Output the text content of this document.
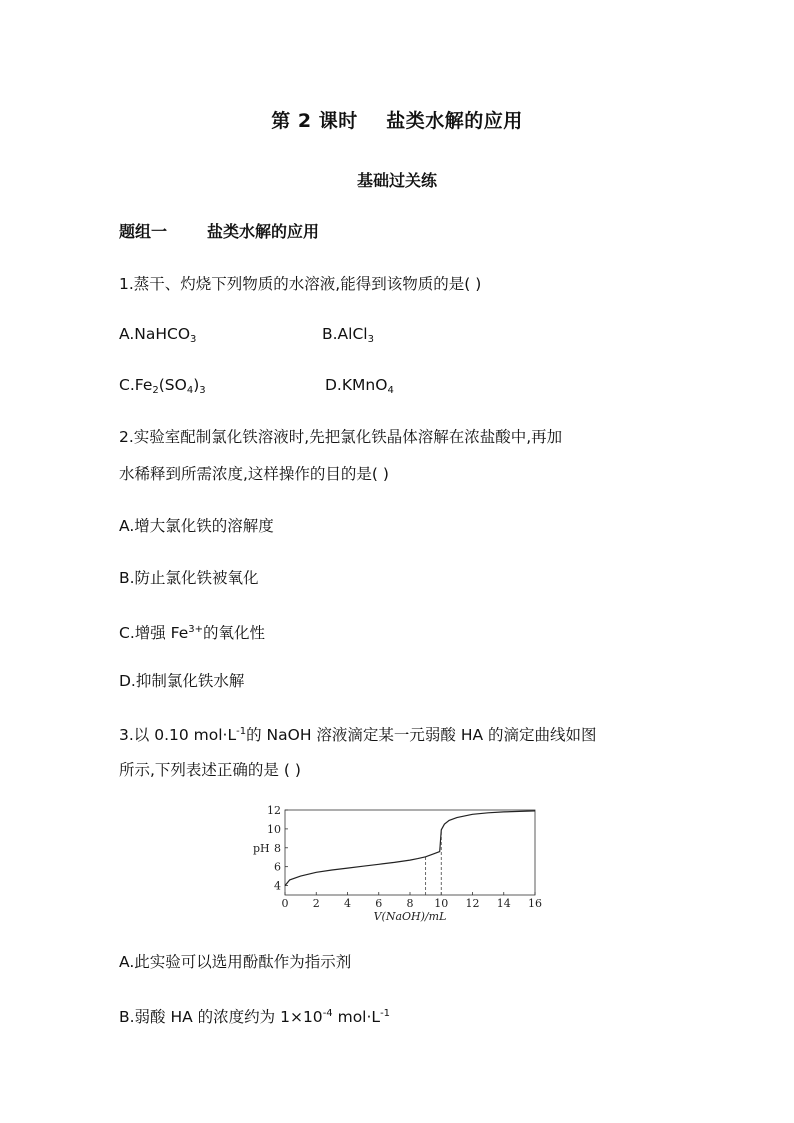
第 2 课时    盐类水解的应用
基础过关练
题组一	盐类水解的应用
1.蒸干、灼烧下列物质的水溶液,能得到该物质的是( )
A.NaHCO$_3$	B.AlCl$_3$
$C.Fe_2(SO_4)_3$	D.KMnO$_4$
2.实验室配制氯化铁溶液时,先把氯化铁晶体溶解在浓盐酸中,再加
水稀释到所需浓度,这样操作的目的是( )
A.增大氯化铁的溶解度
B.防止氯化铁被氧化
C.增强 $Fe^{3+}$的氧化性
D.抑制氯化铁水解
3.以 0.10 $mol\cdot L^{-1}$的 NaOH 溶液滴定某一元弱酸 HA 的滴定曲线如图
所示,下列表述正确的是 ( )
0 2 4 6 8 10 12 14 16
4
6
8
10
12
pH
V(NaOH)/mL
A.此实验可以选用酚酞作为指示剂
B.弱酸 HA 的浓度约为 $1\times 10^{-4}$ $mol\cdot L^{-1}$
